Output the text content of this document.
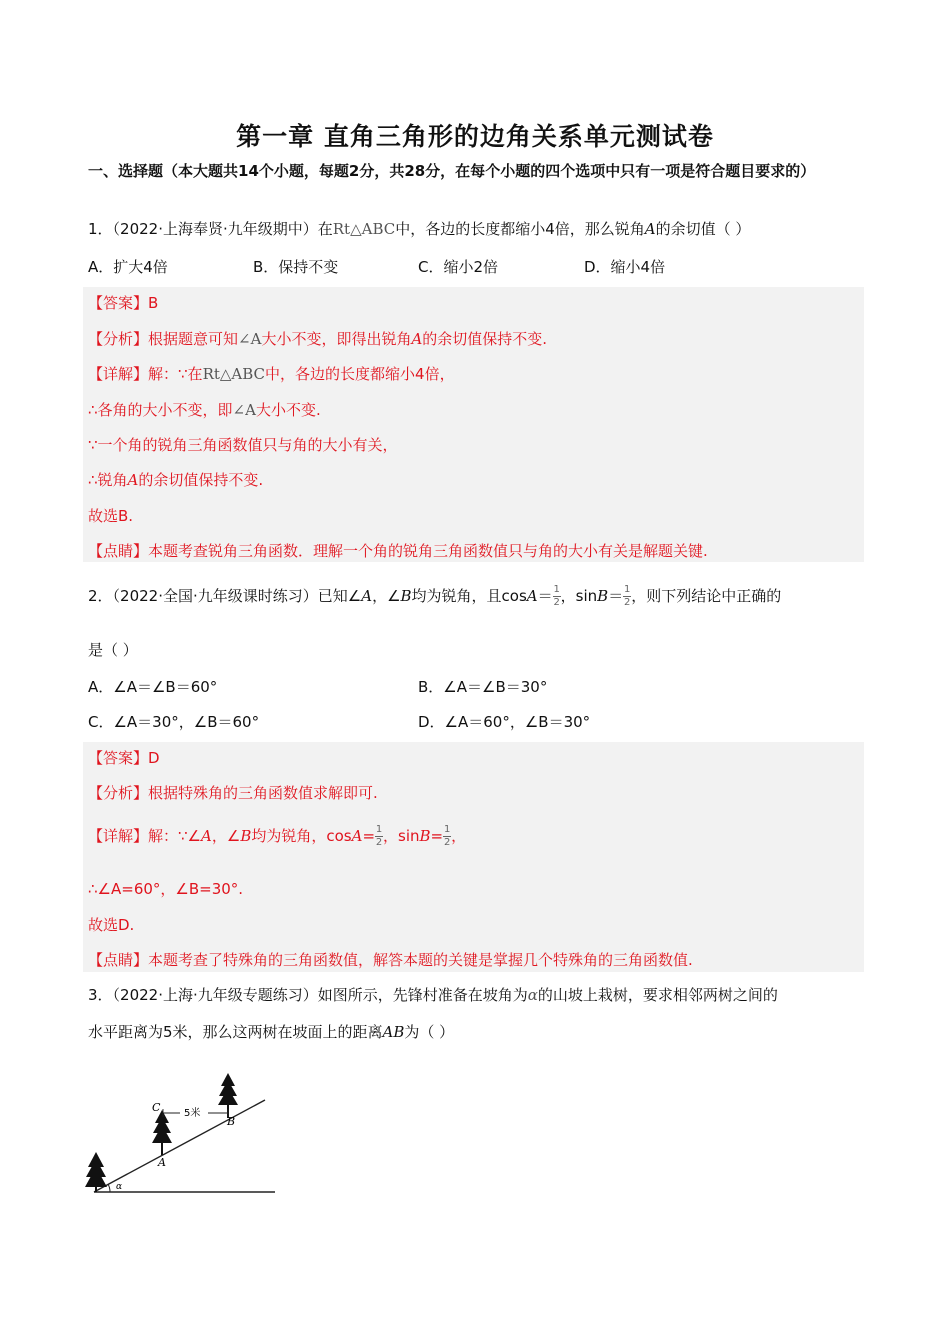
第一章 直角三角形的边角关系单元测试卷
一、选择题（本大题共14个小题，每题2分，共28分，在每个小题的四个选项中只有一项是符合题目要求的）
1．（2022·上海奉贤·九年级期中）在Rt△ABC中，各边的长度都缩小4倍，那么锐角A的余切值（ ）
A．扩大4倍	B．保持不变	C．缩小2倍	D．缩小4倍
【答案】B
【分析】根据题意可知∠A大小不变，即得出锐角A的余切值保持不变.
【详解】解：∵在Rt△ABC中，各边的长度都缩小4倍，
∴各角的大小不变，即∠A大小不变.
∵一个角的锐角三角函数值只与角的大小有关，
∴锐角A的余切值保持不变.
故选B.
【点睛】本题考查锐角三角函数．理解一个角的锐角三角函数值只与角的大小有关是解题关键.
2．（2022·全国·九年级课时练习）已知∠A，∠B均为锐角，且$\cos A= \frac{1}{2}$ ，$\sin B= \frac{1}{2}$ ，则下列结论中正确的
是（ ）
A．∠A＝∠B＝60°	B．∠A＝∠B＝30°
C．∠A＝30°，∠B＝60°	D．∠A＝60°，∠B＝30°
【答案】D
【分析】根据特殊角的三角函数值求解即可.
【详解】解：∵∠A，∠B均为锐角，$\cos A= \frac{1}{2}$ ，$\sin B= \frac{1}{2}$ ，
∴∠A=60°，∠B=30°.
故选D.
【点睛】本题考查了特殊角的三角函数值，解答本题的关键是掌握几个特殊角的三角函数值.
3．（2022·上海·九年级专题练习）如图所示，先锋村准备在坡角为α的山坡上栽树，要求相邻两树之间的
水平距离为5米，那么这两树在坡面上的距离AB为（ ）
α
5米
C
A
B
